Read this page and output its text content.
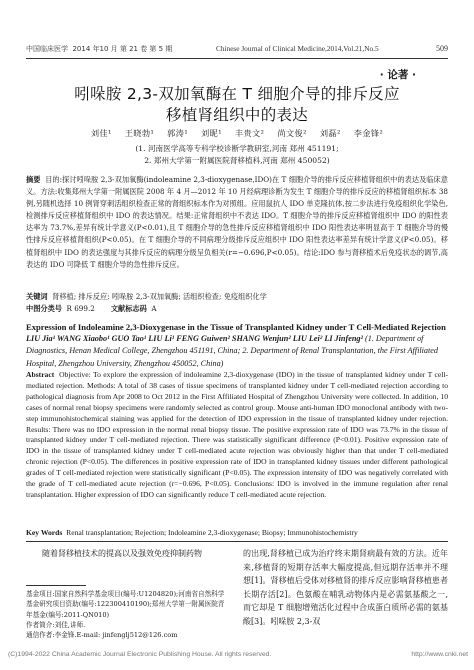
中国临床医学 2014 年10 月 第 21 卷 第 5 期	Chinese Journal of Clinical Medicine,2014,Vol.21,No.5	509
· 论著 ·
吲哚胺 2,3-双加氧酶在 T 细胞介导的排斥反应
移植肾组织中的表达
刘佳¹ 王晓勃¹ 郭涛¹ 刘昵¹ 丰贵文² 尚文俊² 刘磊² 李金锋²
(1. 河南医学高等专科学校诊断学教研室,河南 郑州 451191;
2. 郑州大学第一附属医院肾移植科,河南 郑州 450052)
摘要 目的:探讨吲哚胺 2,3-双加氧酶(indoleamine 2,3-dioxygenase,IDO)在 T 细胞介导的排斥反应移植肾组织中的表达及临床意义。方法:收集郑州大学第一附属医院 2008 年 4 月—2012 年 10 月经病理诊断为发生 T 细胞介导的排斥反应的移植肾组织标本 38 例,另随机选择 10 例肾穿刺活组织检查正常的肾组织标本作为对照组。应用鼠抗人 IDO 单克隆抗体,按二步法进行免疫组织化学染色,检测排斥反应移植肾组织中 IDO 的表达情况。结果:正常肾组织中不表达 IDO。T 细胞介导的排斥反应移植肾组织中 IDO 的阳性表达率为 73.7%,差异有统计学意义(P<0.01),且 T 细胞介导的急性排斥反应移植肾组织中 IDO 阳性表达率明显高于 T 细胞介导的慢性排斥反应移植肾组织(P<0.05)。在 T 细胞介导的不同病理分级排斥反应组织中 IDO 阳性表达率差异有统计学意义(P<0.05)。移植肾组织中 IDO 的表达强度与其排斥反应的病理分级呈负相关(r=−0.696,P<0.05)。结论:IDO 参与肾移植术后免疫状态的调节,高表达的 IDO 可降低 T 细胞介导的急性排斥反应。
关键词 肾移植; 排斥反应; 吲哚胺 2,3-双加氧酶; 活组织检查; 免疫组织化学
中图分类号 R 699.2 文献标志码 A
Expression of Indoleamine 2,3-Dioxygenase in the Tissue of Transplanted Kidney under T Cell-Mediated Rejection
LIU Jia¹ WANG Xiaobo¹ GUO Tao¹ LIU Li¹ FENG Guiwen² SHANG Wenjun² LIU Lei² LI Jinfeng² (1. Department of Diagnostics, Henan Medical College, Zhengzhou 451191, China; 2. Department of Renal Transplantation, the First Affiliated Hospital, Zhengzhou University, Zhengzhou 450052, China)
Abstract Objective: To explore the expression of indoleamine 2,3-dioxygenase (IDO) in the tissue of transplanted kidney under T cell-mediated rejection. Methods: A total of 38 cases of tissue specimens of transplanted kidney under T cell-mediated rejection according to pathological diagnosis from Apr 2008 to Oct 2012 in the First Affiliated Hospital of Zhengzhou University were collected. In addition, 10 cases of normal renal biopsy specimens were randomly selected as control group. Mouse anti-human IDO monoclonal antibody with two-step immunohistochemical staining was applied for the detection of IDO expression in the tissue of transplanted kidney under rejection. Results: There was no IDO expression in the normal renal biopsy tissue. The positive expression rate of IDO was 73.7% in the tissue of transplanted kidney under T cell-mediated rejection. There was statistically significant difference (P<0.01). Positive expression rate of IDO in the tissue of transplanted kidney under T cell-mediated acute rejection was obviously higher than that under T cell-mediated chronic rejection (P<0.05). The differences in positive expression rate of IDO in transplanted kidney tissues under different pathological grades of T cell-mediated rejection were statistically significant (P<0.05). The expression intensity of IDO was negatively correlated with the grade of T cell-mediated acute rejection (r=−0.696, P<0.05). Conclusions: IDO is involved in the immune regulation after renal transplantation. Higher expression of IDO can significantly reduce T cell-mediated acute rejection.
Key Words Renal transplantation; Rejection; Indoleamine 2,3-dioxygenase; Biopsy; Immunohistochemistry
随着肾移植技术的提高以及强效免疫抑制药物
基金项目:国家自然科学基金项目(编号:U1204820);河南省自然科学基金研究项目资助(编号:122300410190);郑州大学第一附属医院青年基金(编号:2011-QN010)
作者简介:刘佳,讲师.
通信作者:李金锋.E-mail: jinfenglj512@126.com
的出现,肾移植已成为治疗终末期肾病最有效的方法。近年来,移植肾的短期存活率大幅度提高,但远期存活率并不理想[1]。肾移植后受体对移植肾的排斥反应影响肾移植患者长期存活[2]。色氨酸在哺乳动物体内是必需氨基酸之一,而它却是 T 细胞增殖活化过程中合成蛋白质所必需的氨基酸[3]。吲哚胺 2,3-双
(C)1994-2022 China Academic Journal Electronic Publishing House. All rights reserved.	http://www.cnki.net
